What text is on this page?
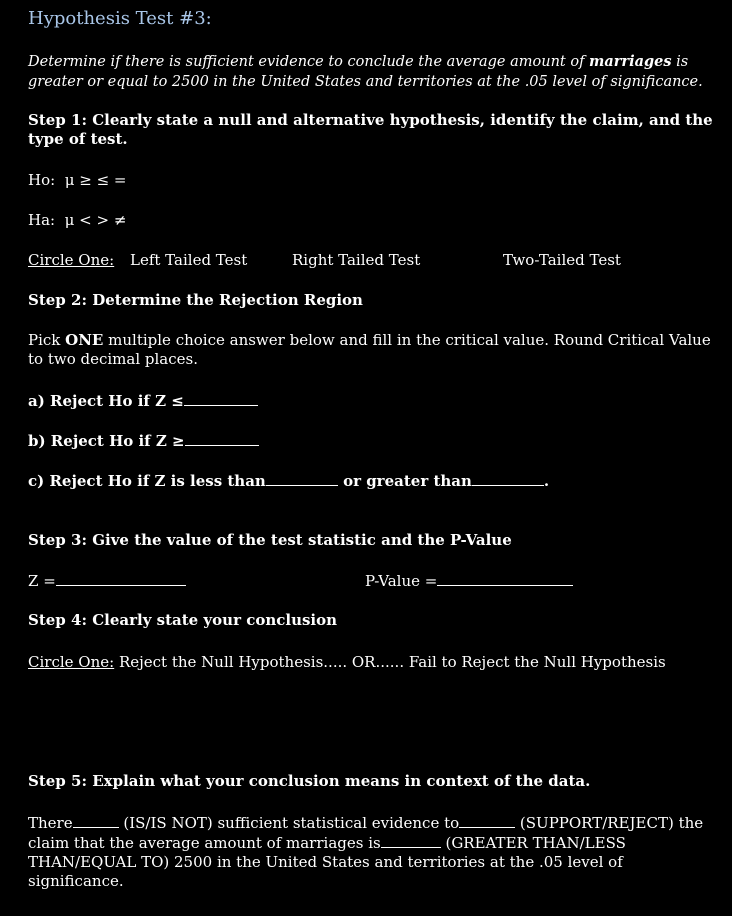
Hypothesis Test #3:
Determine if there is sufficient evidence to conclude the average amount of marriages is greater or equal to 2500 in the United States and territories at the .05 level of significance.
Step 1: Clearly state a null and alternative hypothesis, identify the claim, and the type of test.
Ho: μ ≥ ≤ =
Ha: μ < > ≠
Circle One: Left Tailed Test	Right Tailed Test	Two-Tailed Test
Step 2: Determine the Rejection Region
Pick ONE multiple choice answer below and fill in the critical value. Round Critical Value to two decimal places.
a) Reject Ho if Z ≤
b) Reject Ho if Z ≥
c) Reject Ho if Z is less than	or greater than	.
Step 3: Give the value of the test statistic and the P-Value
Z =	P-Value =
Step 4: Clearly state your conclusion
Circle One: Reject the Null Hypothesis..... OR...... Fail to Reject the Null Hypothesis
Step 5: Explain what your conclusion means in context of the data.
There	(IS/IS NOT) sufficient statistical evidence to	(SUPPORT/REJECT) the claim that the average amount of marriages is	(GREATER THAN/LESS THAN/EQUAL TO) 2500 in the United States and territories at the .05 level of significance.
